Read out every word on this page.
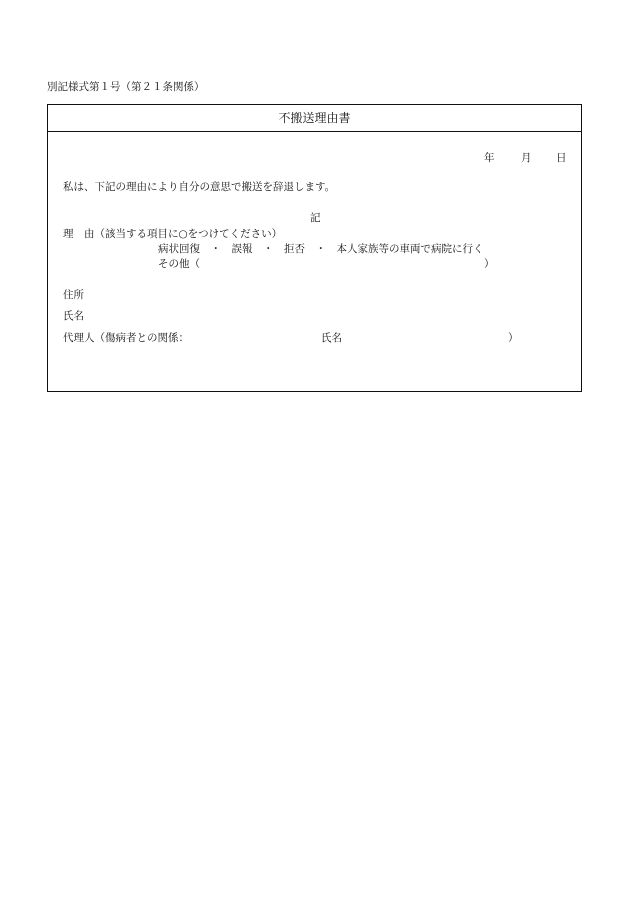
別記様式第１号（第２１条関係）
不搬送理由書
年	月 日
私は、下記の理由により自分の意思で搬送を辞退します。
記
理　由（該当する項目に○をつけてください）
病状回復　・　誤報　・　拒否　・　本人家族等の車両で病院に行く
その他（	）
住所
氏名
代理人（傷病者との関係：	氏名	）
